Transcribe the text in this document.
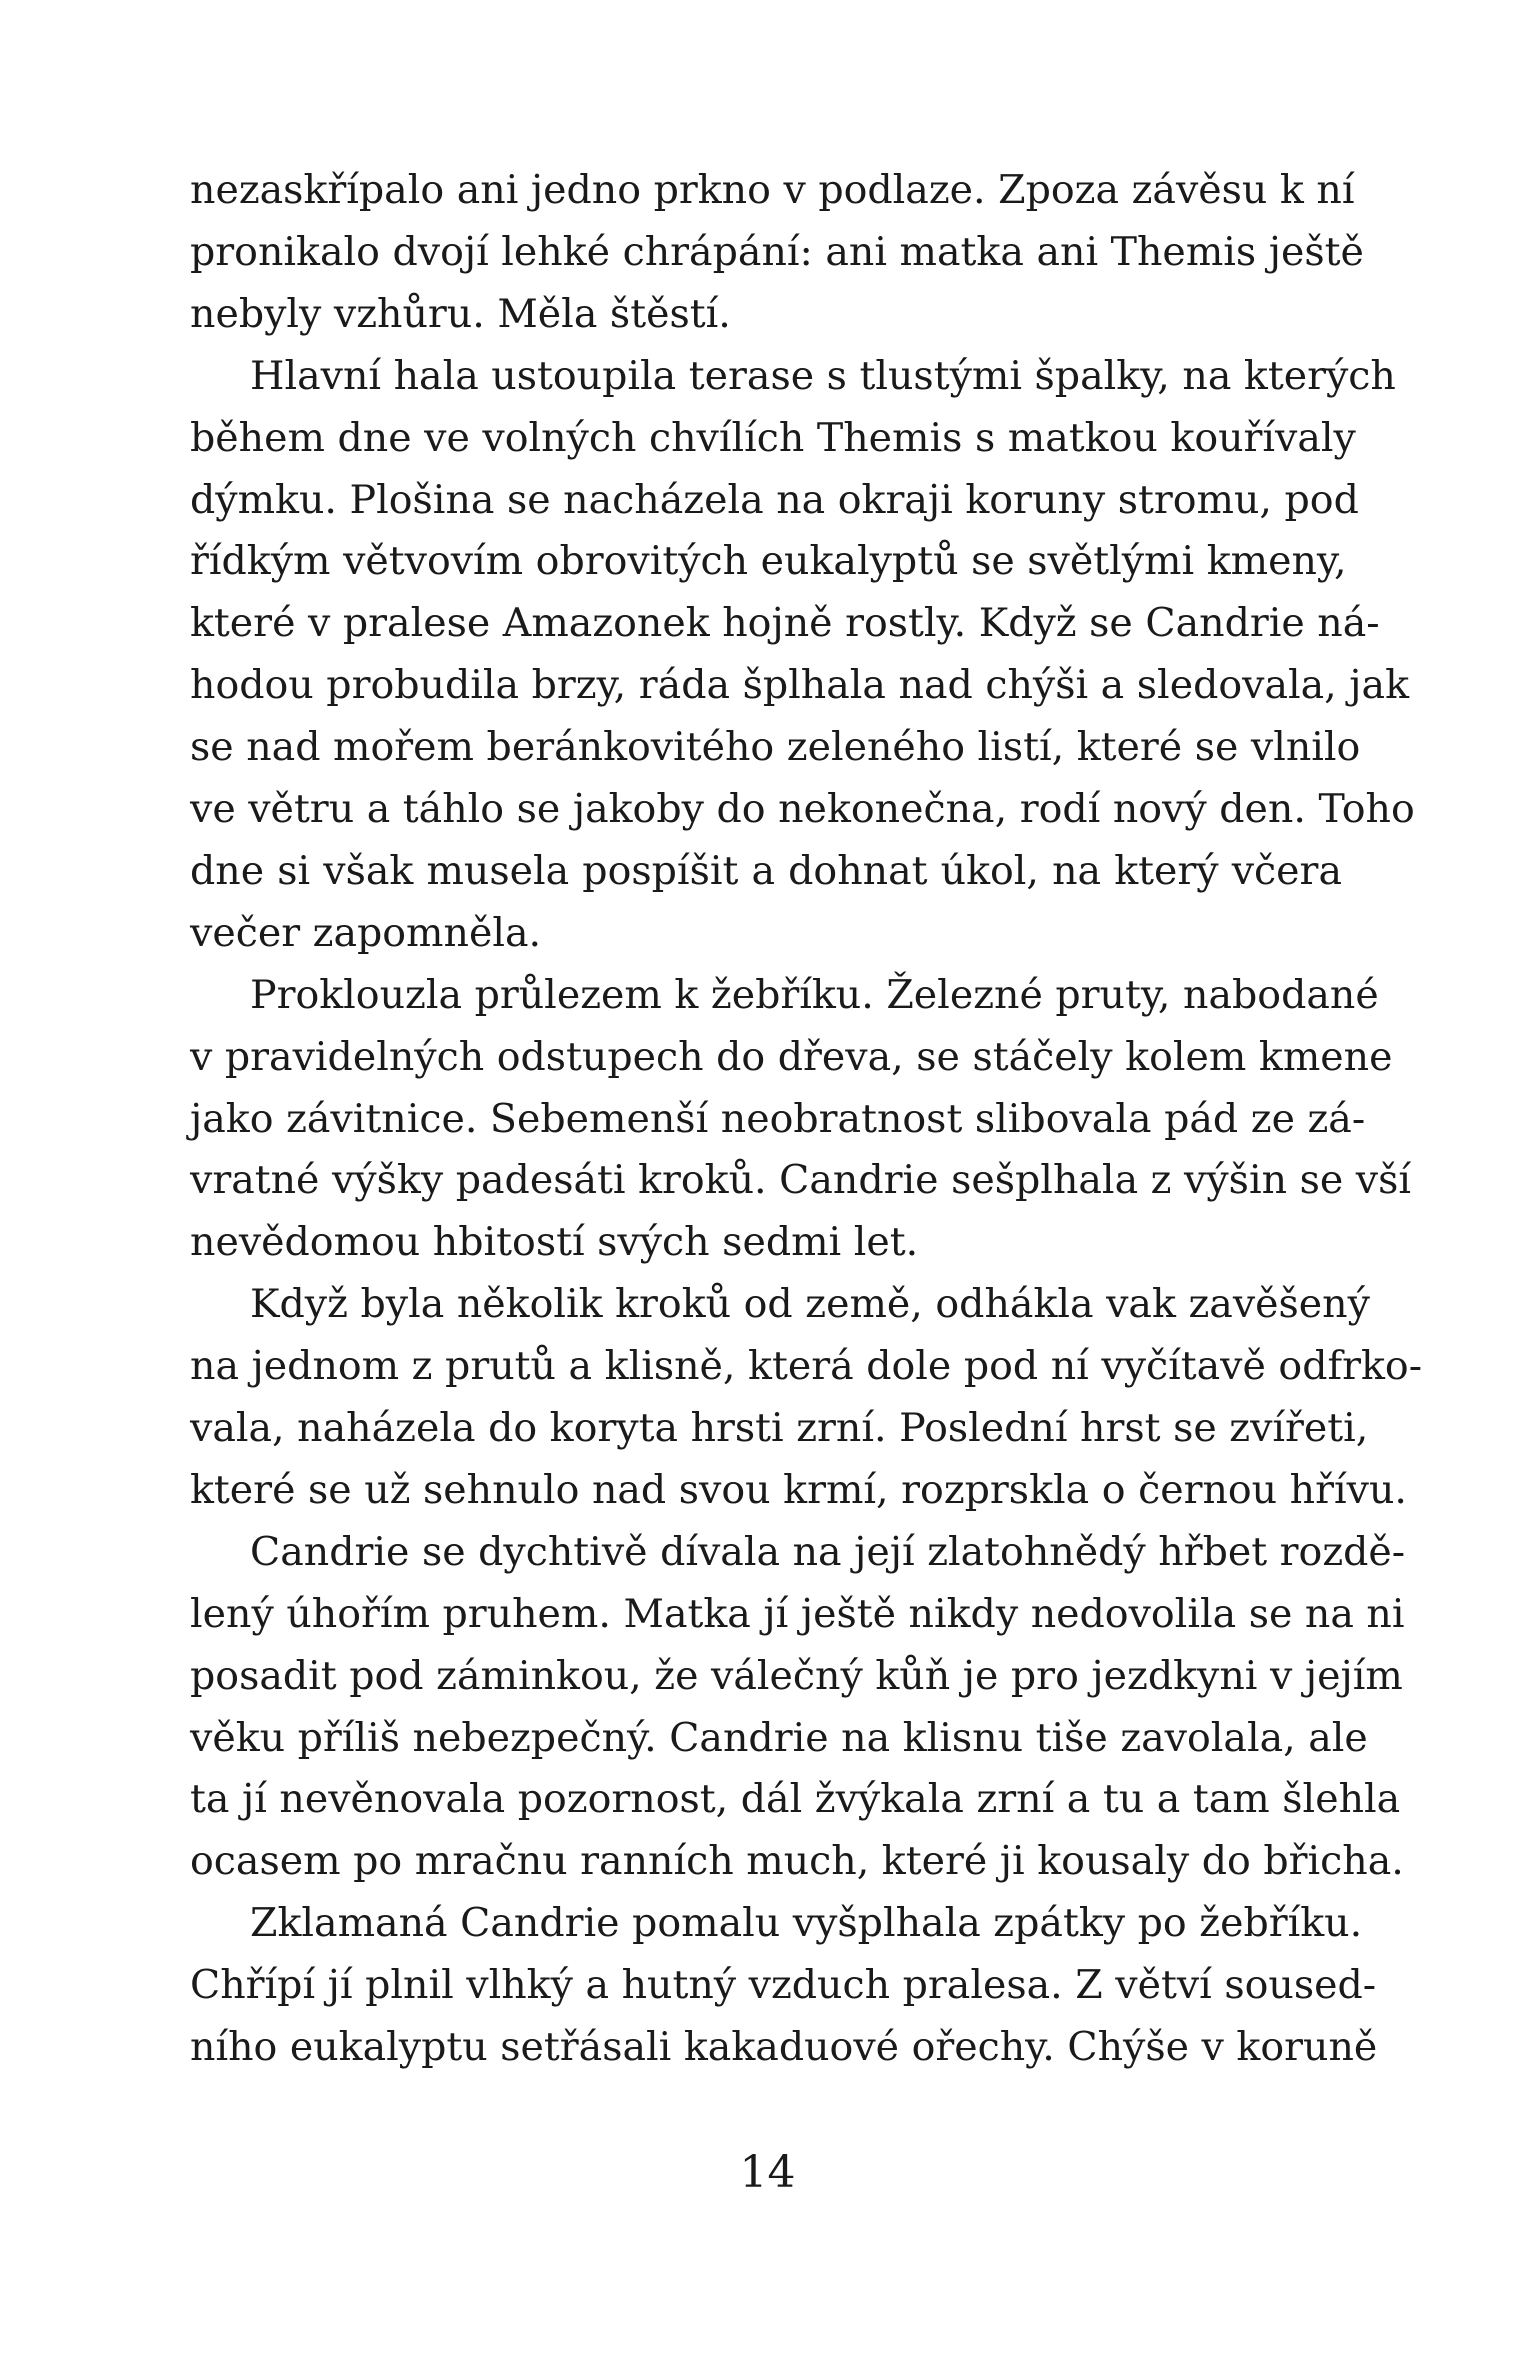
nezaskřípalo ani jedno prkno v podlaze. Zpoza závěsu k ní
pronikalo dvojí lehké chrápání: ani matka ani Themis ještě
nebyly vzhůru. Měla štěstí.
Hlavní hala ustoupila terase s tlustými špalky, na kterých
během dne ve volných chvílích Themis s matkou kouřívaly
dýmku. Plošina se nacházela na okraji koruny stromu, pod
řídkým větvovím obrovitých eukalyptů se světlými kmeny,
které v pralese Amazonek hojně rostly. Když se Candrie ná-
hodou probudila brzy, ráda šplhala nad chýši a sledovala, jak
se nad mořem beránkovitého zeleného listí, které se vlnilo
ve větru a táhlo se jakoby do nekonečna, rodí nový den. Toho
dne si však musela pospíšit a dohnat úkol, na který včera
večer zapomněla.
Proklouzla průlezem k žebříku. Železné pruty, nabodané
v pravidelných odstupech do dřeva, se stáčely kolem kmene
jako závitnice. Sebemenší neobratnost slibovala pád ze zá-
vratné výšky padesáti kroků. Candrie sešplhala z výšin se vší
nevědomou hbitostí svých sedmi let.
Když byla několik kroků od země, odhákla vak zavěšený
na jednom z prutů a klisně, která dole pod ní vyčítavě odfrko-
vala, naházela do koryta hrsti zrní. Poslední hrst se zvířeti,
které se už sehnulo nad svou krmí, rozprskla o černou hřívu.
Candrie se dychtivě dívala na její zlatohnědý hřbet rozdě-
lený úhořím pruhem. Matka jí ještě nikdy nedovolila se na ni
posadit pod záminkou, že válečný kůň je pro jezdkyni v jejím
věku příliš nebezpečný. Candrie na klisnu tiše zavolala, ale
ta jí nevěnovala pozornost, dál žvýkala zrní a tu a tam šlehla
ocasem po mračnu ranních much, které ji kousaly do břicha.
Zklamaná Candrie pomalu vyšplhala zpátky po žebříku.
Chřípí jí plnil vlhký a hutný vzduch pralesa. Z větví soused-
ního eukalyptu setřásali kakaduové ořechy. Chýše v koruně
14
